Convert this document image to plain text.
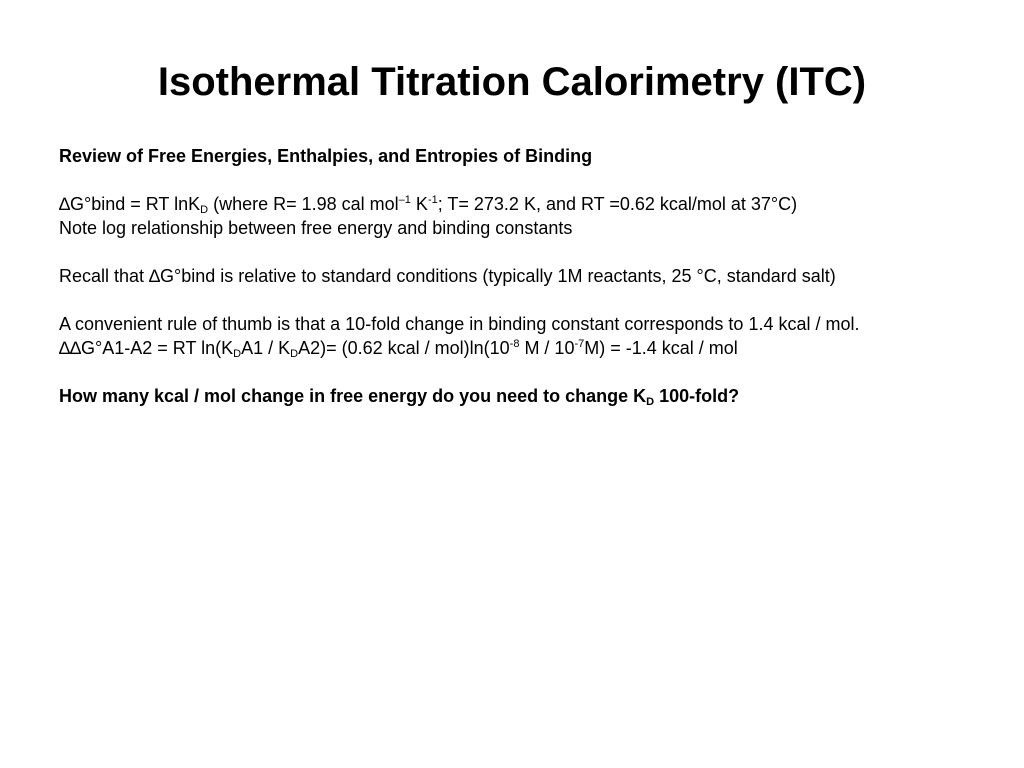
Isothermal Titration Calorimetry (ITC)
Review of Free Energies, Enthalpies, and Entropies of Binding
∆G°bind = RT lnK$_D$ (where R= 1.98 cal mol$^{-1}$ $K^{-1}$; T= 273.2 K, and RT =0.62 kcal/mol at 37°C)
Note log relationship between free energy and binding constants
Recall that ∆G°bind is relative to standard conditions (typically 1M reactants, 25 °C, standard salt)
A convenient rule of thumb is that a 10-fold change in binding constant corresponds to 1.4 kcal / mol.
∆∆G°A1-A2 = RT $\ln(K_DA1 / K_DA2)= (0.62$ kcal / $mol)\ln(10^{-8}$ $M / 10^{-7}M) = -1.4$ kcal / mol
How many kcal / mol change in free energy do you need to change $K_D$ 100-fold?
